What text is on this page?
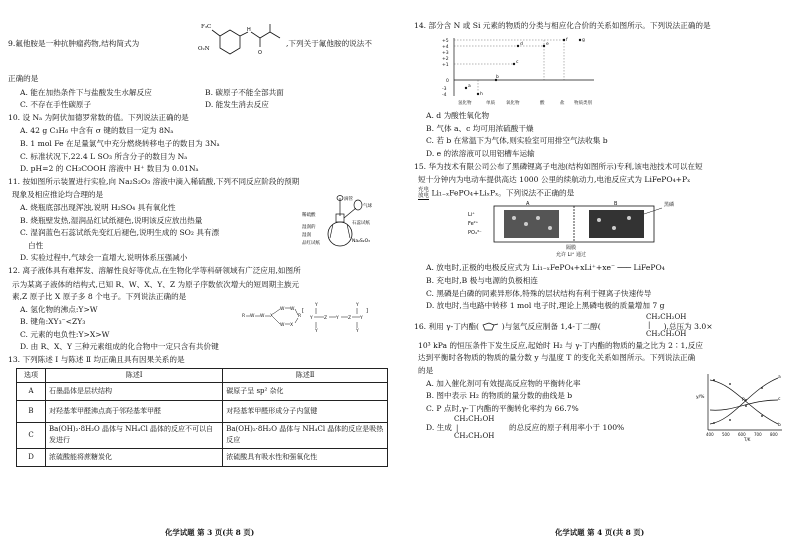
9.氟他胺是一种抗肿瘤药物,结构简式为
F₃C
O₂N
H
O
,下列关于氟他胺的说法不
正确的是
A. 能在加热条件下与盐酸发生水解反应	B. 碳原子不能全部共面
C. 不存在手性碳原子	D. 能发生消去反应
10. 设 Nₐ 为阿伏加德罗常数的值。下列说法正确的是
A. 42 g C₃H₆ 中含有 σ 键的数目一定为 8Nₐ
B. 1 mol Fe 在足量氯气中充分燃烧转移电子的数目为 3Nₐ
C. 标准状况下,22.4 L SO₃ 所含分子的数目为 Nₐ
D. pH=2 的 CH₃COOH 溶液中 H⁺ 数目为 0.01Nₐ
11. 按如图所示装置进行实验,向 Na₂S₂O₃ 溶液中滴入稀硫酸,下列不同反应阶段的预期
现象及相应推论均合理的是
A. 烧瓶底部出现浑浊,说明 H₂SO₄ 具有氧化性
B. 烧瓶壁发热,湿润品红试纸褪色,说明该反应放出热量
C. 湿润蓝色石蕊试纸先变红后褪色,说明生成的 SO₂ 具有漂
白性
D. 实验过程中,气球会一直增大,说明体系压强减小
滴管
气球
稀硫酸
湿润的
石蕊试纸
湿润
品红试纸	Na₂S₂O₃
12. 离子液体具有难挥发、溶解性良好等优点,在生物化学等科研领域有广泛应用,如图所
示为某离子液体的结构式,已知 R、W、X、Y、Z 为原子序数依次增大的短周期主族元
素,Z 原子比 X 原子多 8 个电子。下列说法正确的是
A. 氢化物的沸点:Y>W
B. 键角:XY₃⁻<ZY₃
C. 元素的电负性:Y>X>W
D. 由 R、X、Y 三种元素组成的化合物中一定只含有共价键
R W W X
W W
W X
R
Y
Y
Y	Z Y Z Y
Y
Y
[	]
13. 下列陈述 Ⅰ 与陈述 Ⅱ 均正确且具有因果关系的是
选项	陈述Ⅰ	陈述Ⅱ
A	石墨晶体是层状结构	碳原子呈 sp² 杂化
B	对羟基苯甲醛沸点高于邻羟基苯甲醛	对羟基苯甲醛形成分子内氢键
C	Ba(OH)₂·8H₂O 晶体与 NH₄Cl 晶体的反应不可以自发进行	Ba(OH)₂·8H₂O 晶体与 NH₄Cl 晶体的反应是吸热反应
D	浓硫酸能将蔗糖炭化	浓硫酸具有吸水性和强氧化性
14. 部分含 N 或 Si 元素的物质的分类与相应化合价的关系如图所示。下列说法正确的是
+5
+4
+3
+2
+1
0
-3
-4
a
h
b
c
d	e
f	g
氢化物	单质 氧化物	酸	盐 物质类别
A. d 为酸性氧化物
B. 气体 a、c 均可用浓硫酸干燥
C. 若 b 在常温下为气体,则实验室可用排空气法收集 b
D. e 的浓溶液可以用铝槽车运输
15. 华为技术有限公司公布了黑磷锂离子电池(结构如图所示)专利,该电池技术可以在短
短十分钟内为电动车提供高达 1000 公里的续航动力,电池反应式为 LiFePO₄+Pₓ
充电
放电 Li₁₋ₓFePO₄+LiₓPₓ。下列说法不正确的是
A	B	黑磷
Li⁺
Fe²⁺
PO₄³⁻
隔膜
允许 Li⁺ 通过
A. 放电时,正极的电极反应式为 Li₁₋ₓFePO₄+xLi⁺+xe⁻ ─── LiFePO₄
B. 充电时,B 极与电源的负极相连
C. 黑磷是白磷的同素异形体,特殊的层状结构有利于锂离子快速传导
D. 放电时,当电路中转移 1 mol 电子时,理论上黑磷电极的质量增加 7 g
16. 利用 γ-丁内酯(	)与氢气反应制备 1,4-丁二醇(	),总压为 3.0×
CH₂CH₂OH
|
CH₂CH₂OH
10³ kPa 的恒压条件下发生反应,起始时 H₂ 与 γ-丁内酯的物质的量之比为 2∶1,反应
达到平衡时各物质的物质的量分数 y 与温度 T 的变化关系如图所示。下列说法正确
的是
A. 加入催化剂可有效提高反应物的平衡转化率
B. 图中表示 H₂ 的物质的量分数的曲线是 b
C. P 点时,γ-丁内酯的平衡转化率约为 66.7%
D. 生成
CH₂CH₂OH
|
CH₂CH₂OH
的总反应的原子利用率小于 100%
y/%
400 500 600 700 800
T/K
a
b
c
P
化学试题 第 3 页(共 8 页)	化学试题 第 4 页(共 8 页)
